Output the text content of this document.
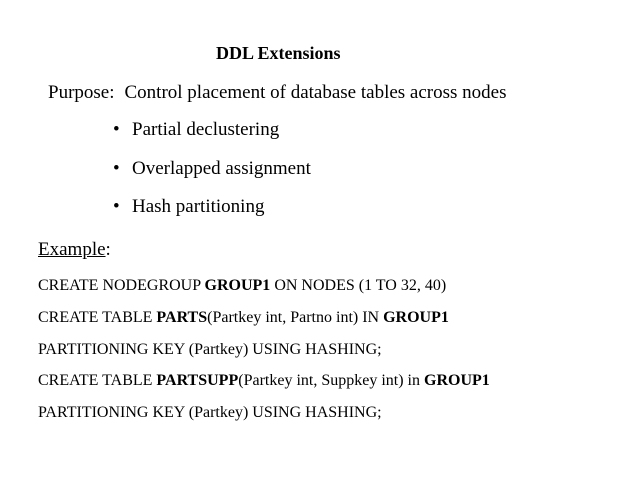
DDL Extensions
Purpose: Control placement of database tables across nodes
• Partial declustering
• Overlapped assignment
• Hash partitioning
Example:
CREATE NODEGROUP GROUP1 ON NODES (1 TO 32, 40)
CREATE TABLE PARTS(Partkey int, Partno int) IN GROUP1
PARTITIONING KEY (Partkey) USING HASHING;
CREATE TABLE PARTSUPP(Partkey int, Suppkey int) in GROUP1
PARTITIONING KEY (Partkey) USING HASHING;
